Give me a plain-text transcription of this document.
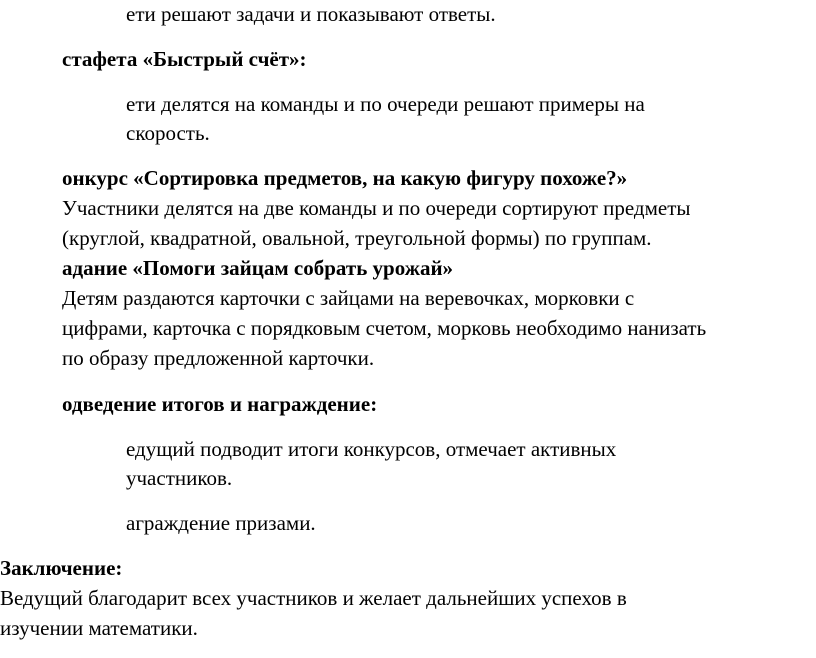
ети решают задачи и показывают ответы.

стафета «Быстрый счёт»:

ети делятся на команды и по очереди решают примеры на

скорость.

онкурс «Сортировка предметов, на какую фигуру похоже?»

Участники делятся на две команды и по очереди сортируют предметы

(круглой, квадратной, овальной, треугольной формы) по группам.

адание «Помоги зайцам собрать урожай»

Детям раздаются карточки с зайцами на веревочках, морковки с

цифрами, карточка с порядковым счетом, морковь необходимо нанизать

по образу предложенной карточки.

одведение итогов и награждение:

едущий подводит итоги конкурсов, отмечает активных

участников.

аграждение призами.

Заключение:

Ведущий благодарит всех участников и желает дальнейших успехов в

изучении математики.
